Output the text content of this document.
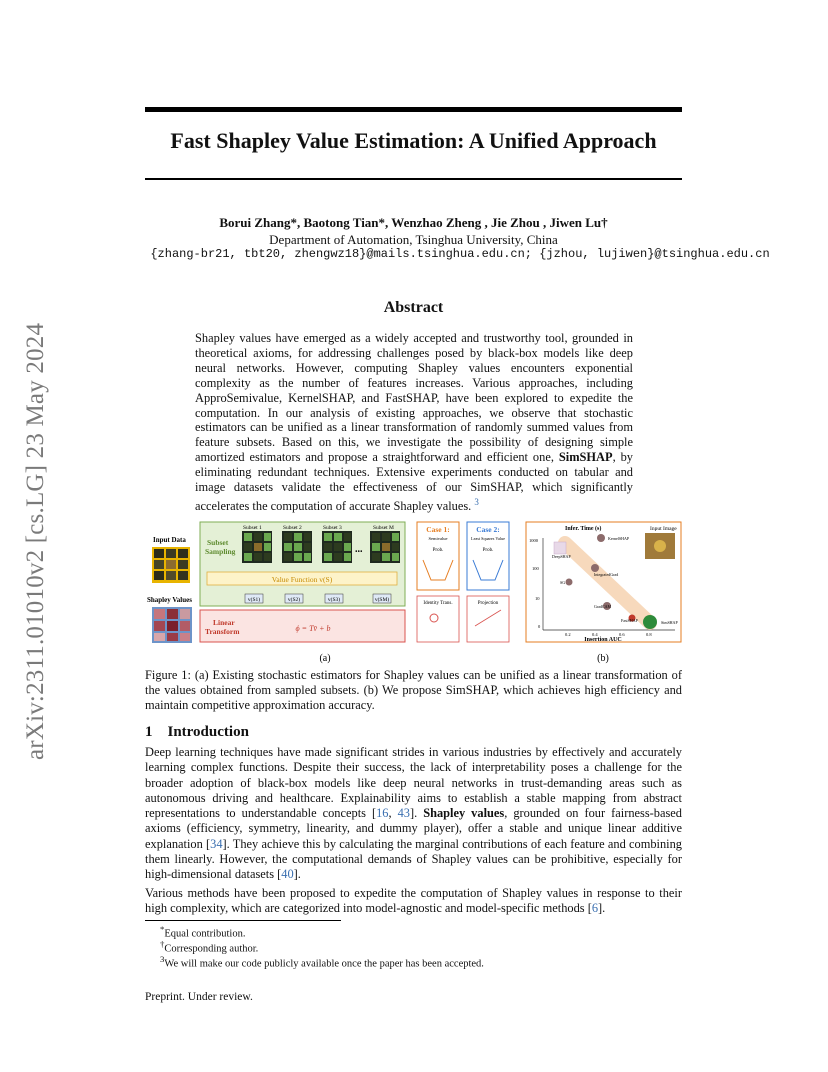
arXiv:2311.01010v2 [cs.LG] 23 May 2024
Fast Shapley Value Estimation: A Unified Approach
Borui Zhang*, Baotong Tian*, Wenzhao Zheng , Jie Zhou , Jiwen Lu†
Department of Automation, Tsinghua University, China
{zhang-br21, tbt20, zhengwz18}@mails.tsinghua.edu.cn; {jzhou, lujiwen}@tsinghua.edu.cn
Abstract
Shapley values have emerged as a widely accepted and trustworthy tool, grounded in theoretical axioms, for addressing challenges posed by black-box models like deep neural networks. However, computing Shapley values encounters exponential complexity as the number of features increases. Various approaches, including ApproSemivalue, KernelSHAP, and FastSHAP, have been explored to expedite the computation. In our analysis of existing approaches, we observe that stochastic estimators can be unified as a linear transformation of randomly summed values from feature subsets. Based on this, we investigate the possibility of designing simple amortized estimators and propose a straightforward and efficient one, SimSHAP, by eliminating redundant techniques. Extensive experiments conducted on tabular and image datasets validate the effectiveness of our SimSHAP, which significantly accelerates the computation of accurate Shapley values. $^3$
Input Data
Shapley Values
Subset Sampling
Subset 1	Subset 2	Subset 3	Subset M
...
Value Function v(S)
v(S1)	v(S2)	v(S3)	v(SM)
Linear Transform	ϕ = Tv̄ + b
Case 1:
Semivalue
Prob.
Case 2:
Least Squares Value
Prob.
Identity Trans.	Projection
(a)
Infer. Time (s)	Input Image
1000
100
10
0
0.2	0.4	0.6	0.8
Insertion AUC
KernelSHAP
DeepSHAP
IntegratedGrad
SG
GradCAM
FastSHAP	SimSHAP
(b)
Figure 1: (a) Existing stochastic estimators for Shapley values can be unified as a linear transformation of the values obtained from sampled subsets. (b) We propose SimSHAP, which achieves high efficiency and maintain competitive approximation accuracy.
1 Introduction
Deep learning techniques have made significant strides in various industries by effectively and accurately learning complex functions. Despite their success, the lack of interpretability poses a challenge for the broader adoption of black-box models like deep neural networks in trust-demanding areas such as autonomous driving and healthcare. Explainability aims to establish a stable mapping from abstract representations to understandable concepts [16, 43]. Shapley values, grounded on four fairness-based axioms (efficiency, symmetry, linearity, and dummy player), offer a stable and unique linear additive explanation [34]. They achieve this by calculating the marginal contributions of each feature and combining them linearly. However, the computational demands of Shapley values can be prohibitive, especially for high-dimensional datasets [40].
Various methods have been proposed to expedite the computation of Shapley values in response to their high complexity, which are categorized into model-agnostic and model-specific methods [6].
*Equal contribution.
†Corresponding author.
$^3$We will make our code publicly available once the paper has been accepted.
Preprint. Under review.
